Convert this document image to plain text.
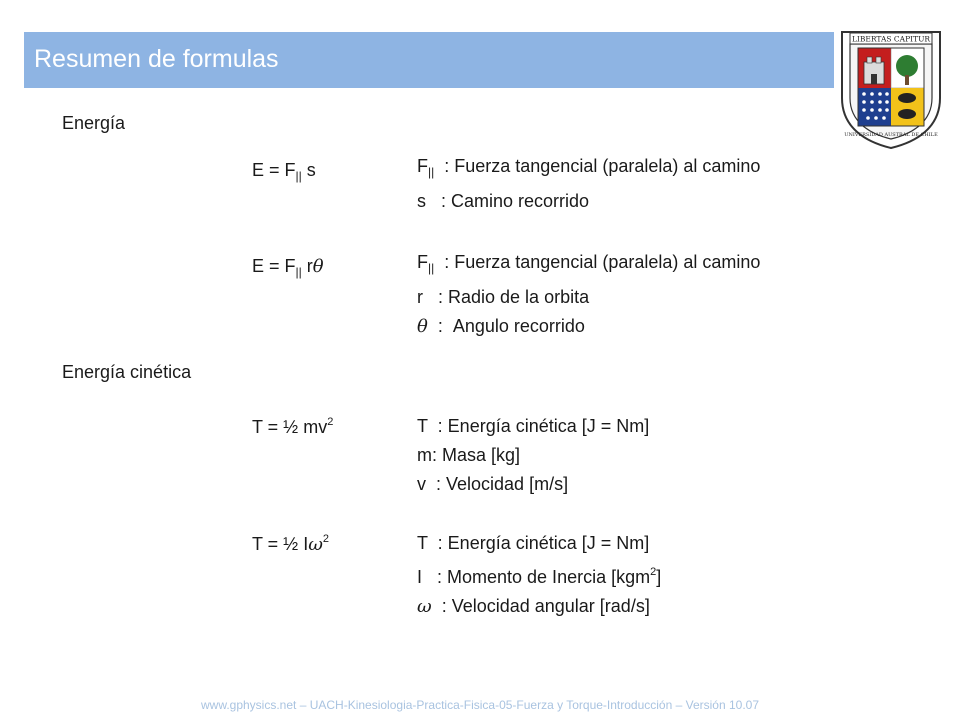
Resumen de formulas
LIBERTAS CAPITUR
UNIVERSIDAD AUSTRAL DE CHILE
Energía
Energía cinética
$E = F_{||}$ s	$F_{||}$  : Fuerza tangencial (paralela) al camino
s   : Camino recorrido
$E = F_{||}$ rθ	$F_{||}$  : Fuerza tangencial (paralela) al camino
r   : Radio de la orbita
θ  :  Angulo recorrido
T = ½ $mv^2$	T  : Energía cinética [J = Nm]
m: Masa [kg]
v  : Velocidad [m/s]
T = ½ $I\omega^2$	T  : Energía cinética [J = Nm]
I   : Momento de Inercia [kgm$^2$]
ω  : Velocidad angular [rad/s]
www.gphysics.net – UACH-Kinesiologia-Practica-Fisica-05-Fuerza y Torque-Introducción – Versión 10.07
